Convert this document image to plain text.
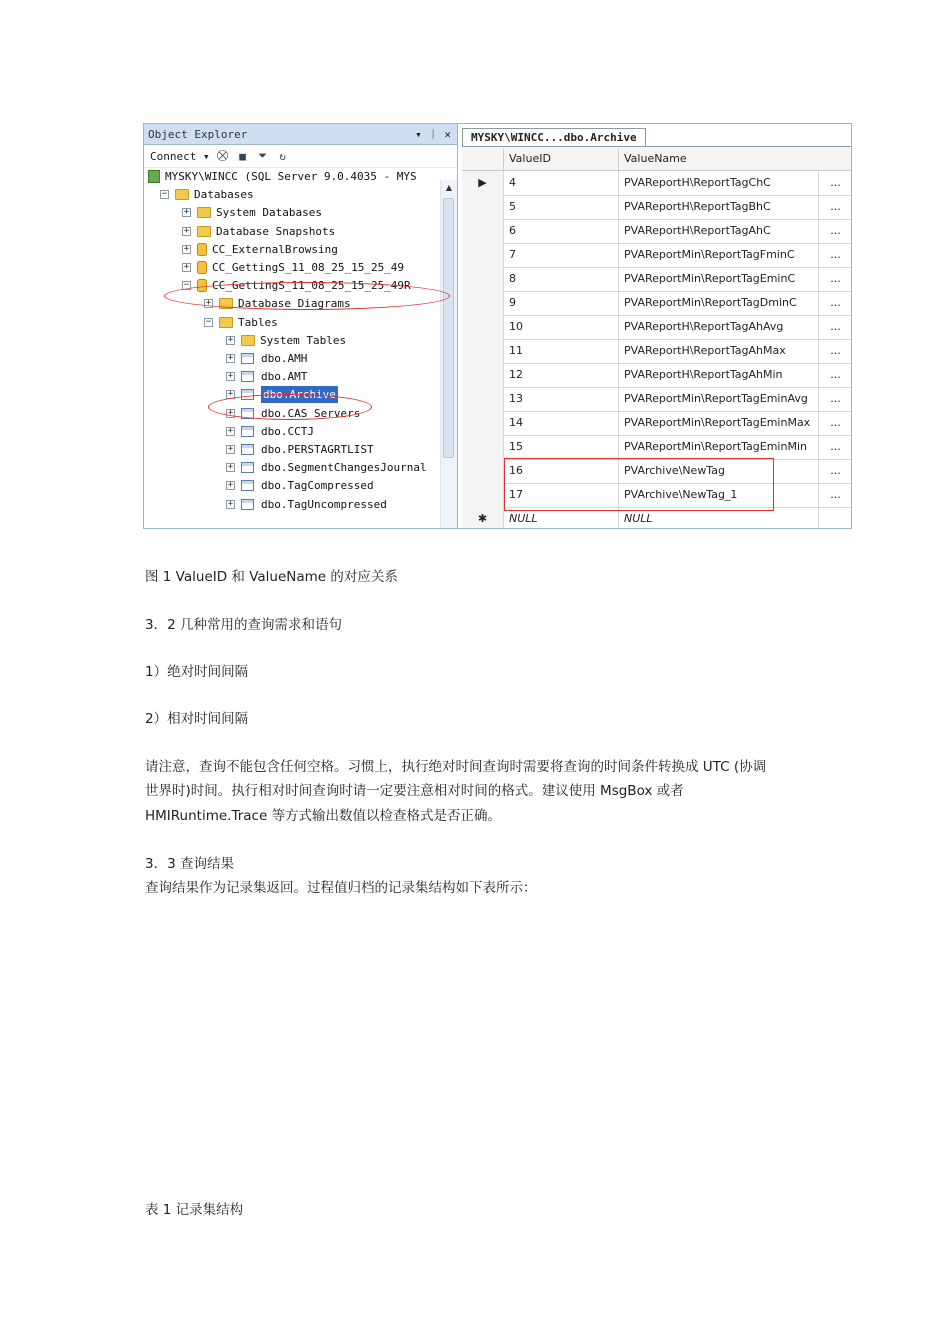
Object Explorer	▾ ᛁ ✕
Connect ▾ ⛒	■	⏷	↻
MYSKY\WINCC (SQL Server 9.0.4035 - MYS
− Databases
+ System Databases
+ Database Snapshots
+ CC_ExternalBrowsing
+ CC_GettingS_11_08_25_15_25_49
− CC_GettingS_11_08_25_15_25_49R
+ Database Diagrams
− Tables
+ System Tables
+	dbo.AMH
+	dbo.AMT
+	dbo.Archive
+	dbo.CAS_Servers
+	dbo.CCTJ
+	dbo.PERSTAGRTLIST
+	dbo.SegmentChangesJournal
+	dbo.TagCompressed
+	dbo.TagUncompressed
▲
MYSKY\WINCC...dbo.Archive
ValueID	ValueName
▶	4	PVAReportH\ReportTagChC	...
5	PVAReportH\ReportTagBhC	...
6	PVAReportH\ReportTagAhC	...
7	PVAReportMin\ReportTagFminC	...
8	PVAReportMin\ReportTagEminC	...
9	PVAReportMin\ReportTagDminC	...
10	PVAReportH\ReportTagAhAvg	...
11	PVAReportH\ReportTagAhMax	...
12	PVAReportH\ReportTagAhMin	...
13	PVAReportMin\ReportTagEminAvg	...
14	PVAReportMin\ReportTagEminMax	...
15	PVAReportMin\ReportTagEminMin	...
16	PVArchive\NewTag	...
17	PVArchive\NewTag_1	...
✱	NULL	NULL

图 1 ValueID 和 ValueName 的对应关系

3．2 几种常用的查询需求和语句

1）绝对时间间隔

2）相对时间间隔

请注意，查询不能包含任何空格。习惯上，执行绝对时间查询时需要将查询的时间条件转换成 UTC (协调

世界时)时间。执行相对时间查询时请一定要注意相对时间的格式。建议使用 MsgBox 或者

HMIRuntime.Trace 等方式输出数值以检查格式是否正确。

3．3 查询结果

查询结果作为记录集返回。过程值归档的记录集结构如下表所示：

表 1 记录集结构
